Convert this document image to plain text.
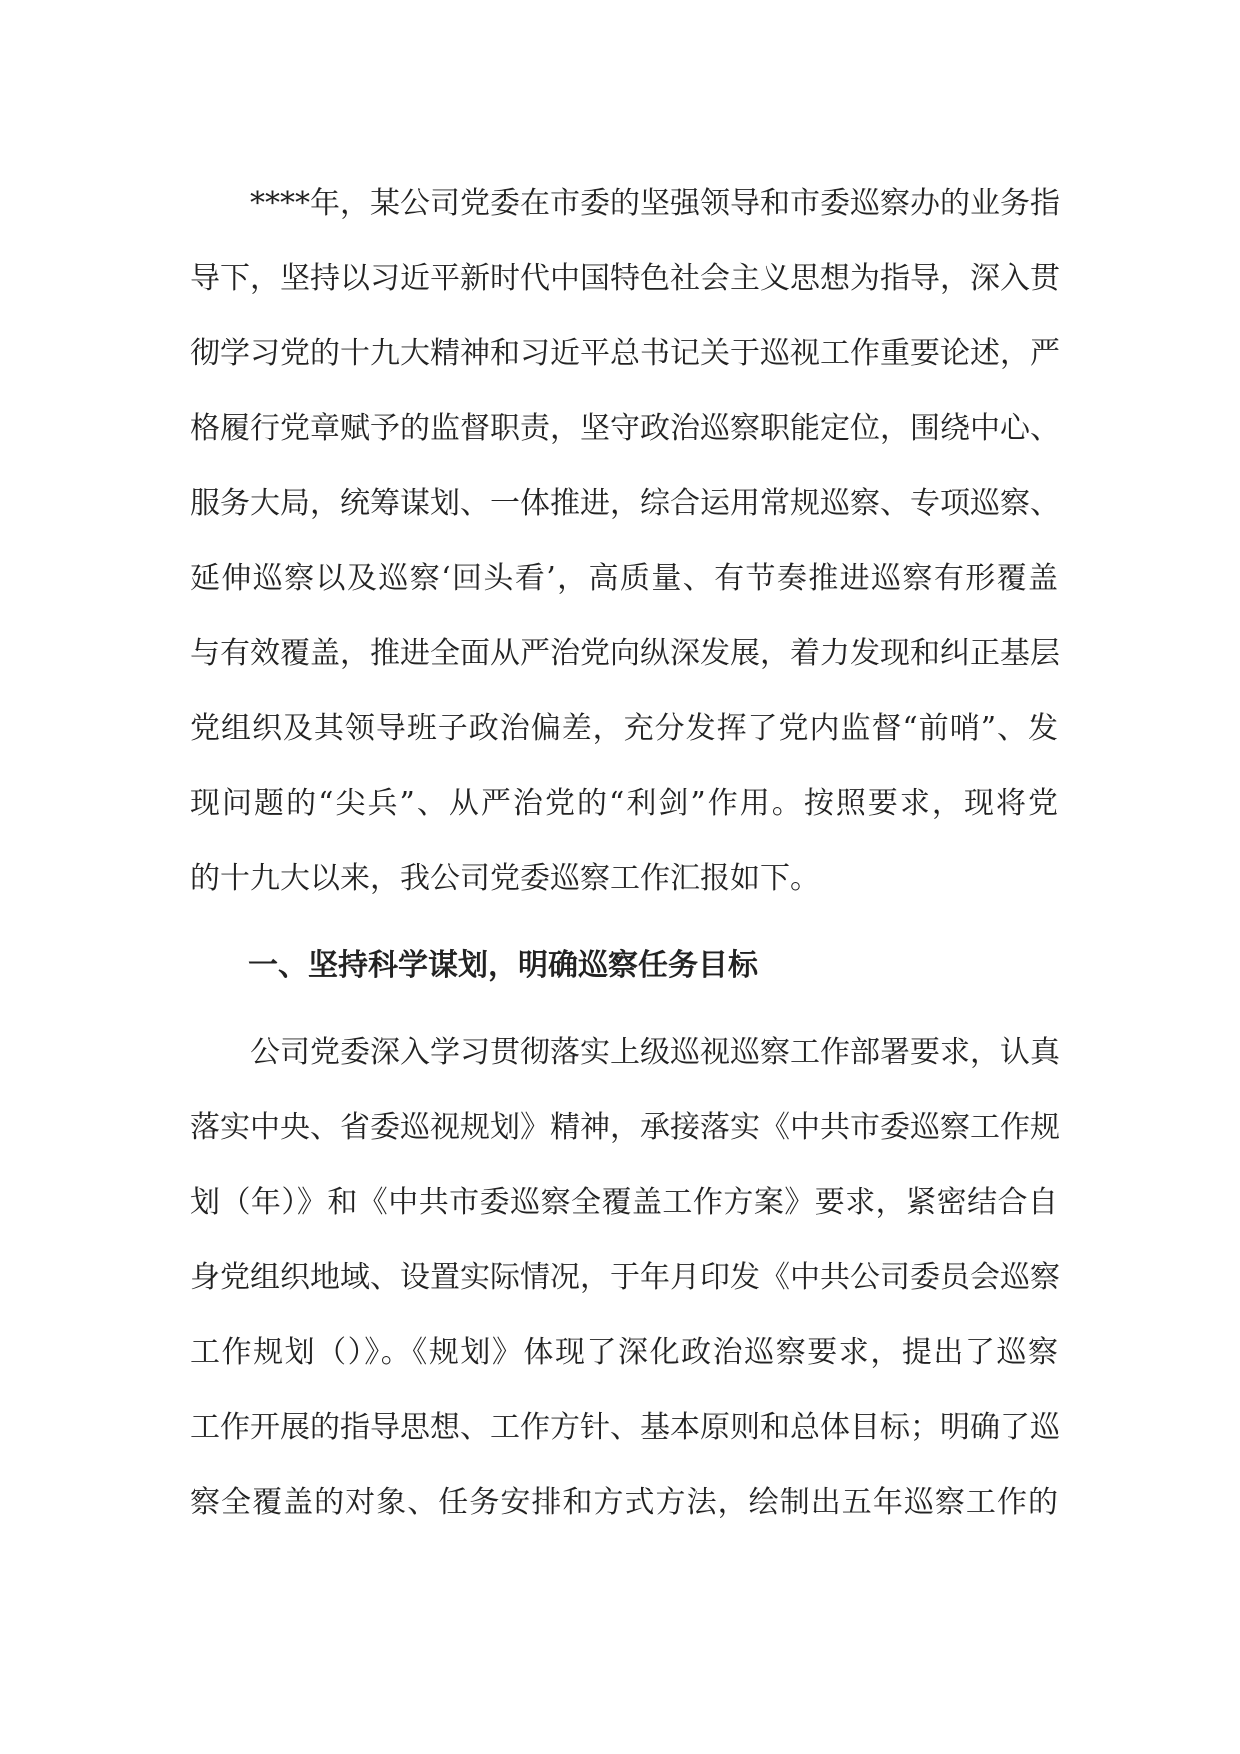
****年，某公司党委在市委的坚强领导和市委巡察办的业务指
导下，坚持以习近平新时代中国特色社会主义思想为指导，深入贯
彻学习党的十九大精神和习近平总书记关于巡视工作重要论述，严
格履行党章赋予的监督职责，坚守政治巡察职能定位，围绕中心、
服务大局，统筹谋划、一体推进，综合运用常规巡察、专项巡察、
延伸巡察以及巡察‘回头看’，高质量、有节奏推进巡察有形覆盖
与有效覆盖，推进全面从严治党向纵深发展，着力发现和纠正基层
党组织及其领导班子政治偏差，充分发挥了党内监督“前哨”、发
现问题的“尖兵”、从严治党的“利剑”作用。按照要求，现将党
的十九大以来，我公司党委巡察工作汇报如下。
一、坚持科学谋划，明确巡察任务目标
公司党委深入学习贯彻落实上级巡视巡察工作部署要求，认真
落实中央、省委巡视规划》精神，承接落实《中共市委巡察工作规
划（年）》和《中共市委巡察全覆盖工作方案》要求，紧密结合自
身党组织地域、设置实际情况，于年月印发《中共公司委员会巡察
工作规划（）》。《规划》体现了深化政治巡察要求，提出了巡察
工作开展的指导思想、工作方针、基本原则和总体目标；明确了巡
察全覆盖的对象、任务安排和方式方法，绘制出五年巡察工作的
